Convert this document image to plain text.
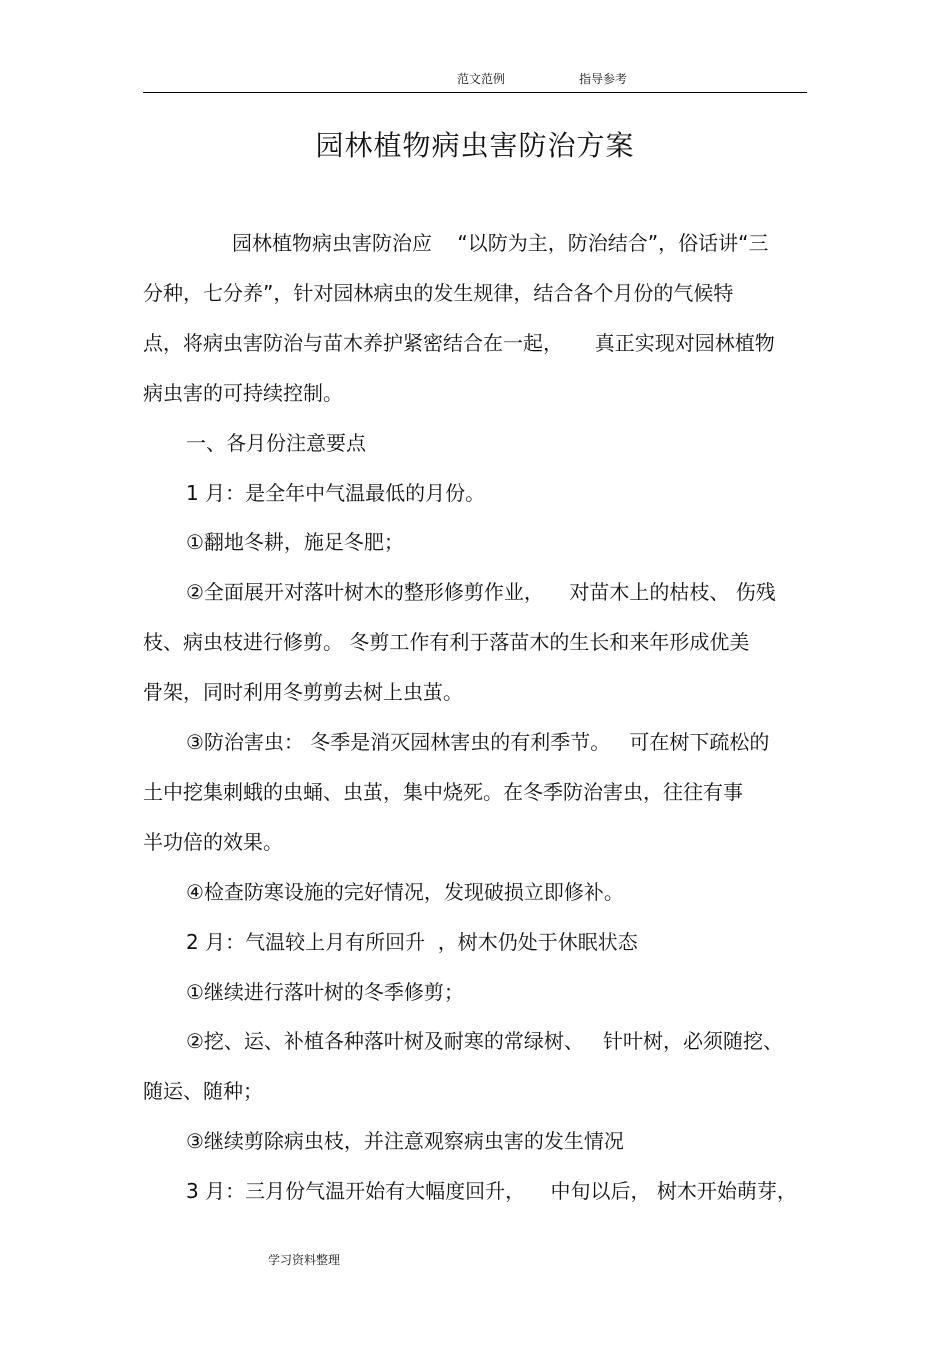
范文范例	指导参考
园林植物病虫害防治方案
园林植物病虫害防治应    “以防为主，防治结合”，俗话讲“三
分种，七分养”，针对园林病虫的发生规律，结合各个月份的气候特
点，将病虫害防治与苗木养护紧密结合在一起，     真正实现对园林植物
病虫害的可持续控制。
一、各月份注意要点
1 月：是全年中气温最低的月份。
①翻地冬耕，施足冬肥；
②全面展开对落叶树木的整形修剪作业，    对苗木上的枯枝、 伤残
枝、病虫枝进行修剪。 冬剪工作有利于落苗木的生长和来年形成优美
骨架，同时利用冬剪剪去树上虫茧。
③防治害虫： 冬季是消灭园林害虫的有利季节。   可在树下疏松的
土中挖集刺蛾的虫蛹、虫茧，集中烧死。在冬季防治害虫，往往有事
半功倍的效果。
④检查防寒设施的完好情况，发现破损立即修补。
2 月：气温较上月有所回升  ，树木仍处于休眠状态
①继续进行落叶树的冬季修剪；
②挖、运、补植各种落叶树及耐寒的常绿树、   针叶树，必须随挖、
随运、随种；
③继续剪除病虫枝，并注意观察病虫害的发生情况
3 月：三月份气温开始有大幅度回升，    中旬以后， 树木开始萌芽，
学习资料整理
